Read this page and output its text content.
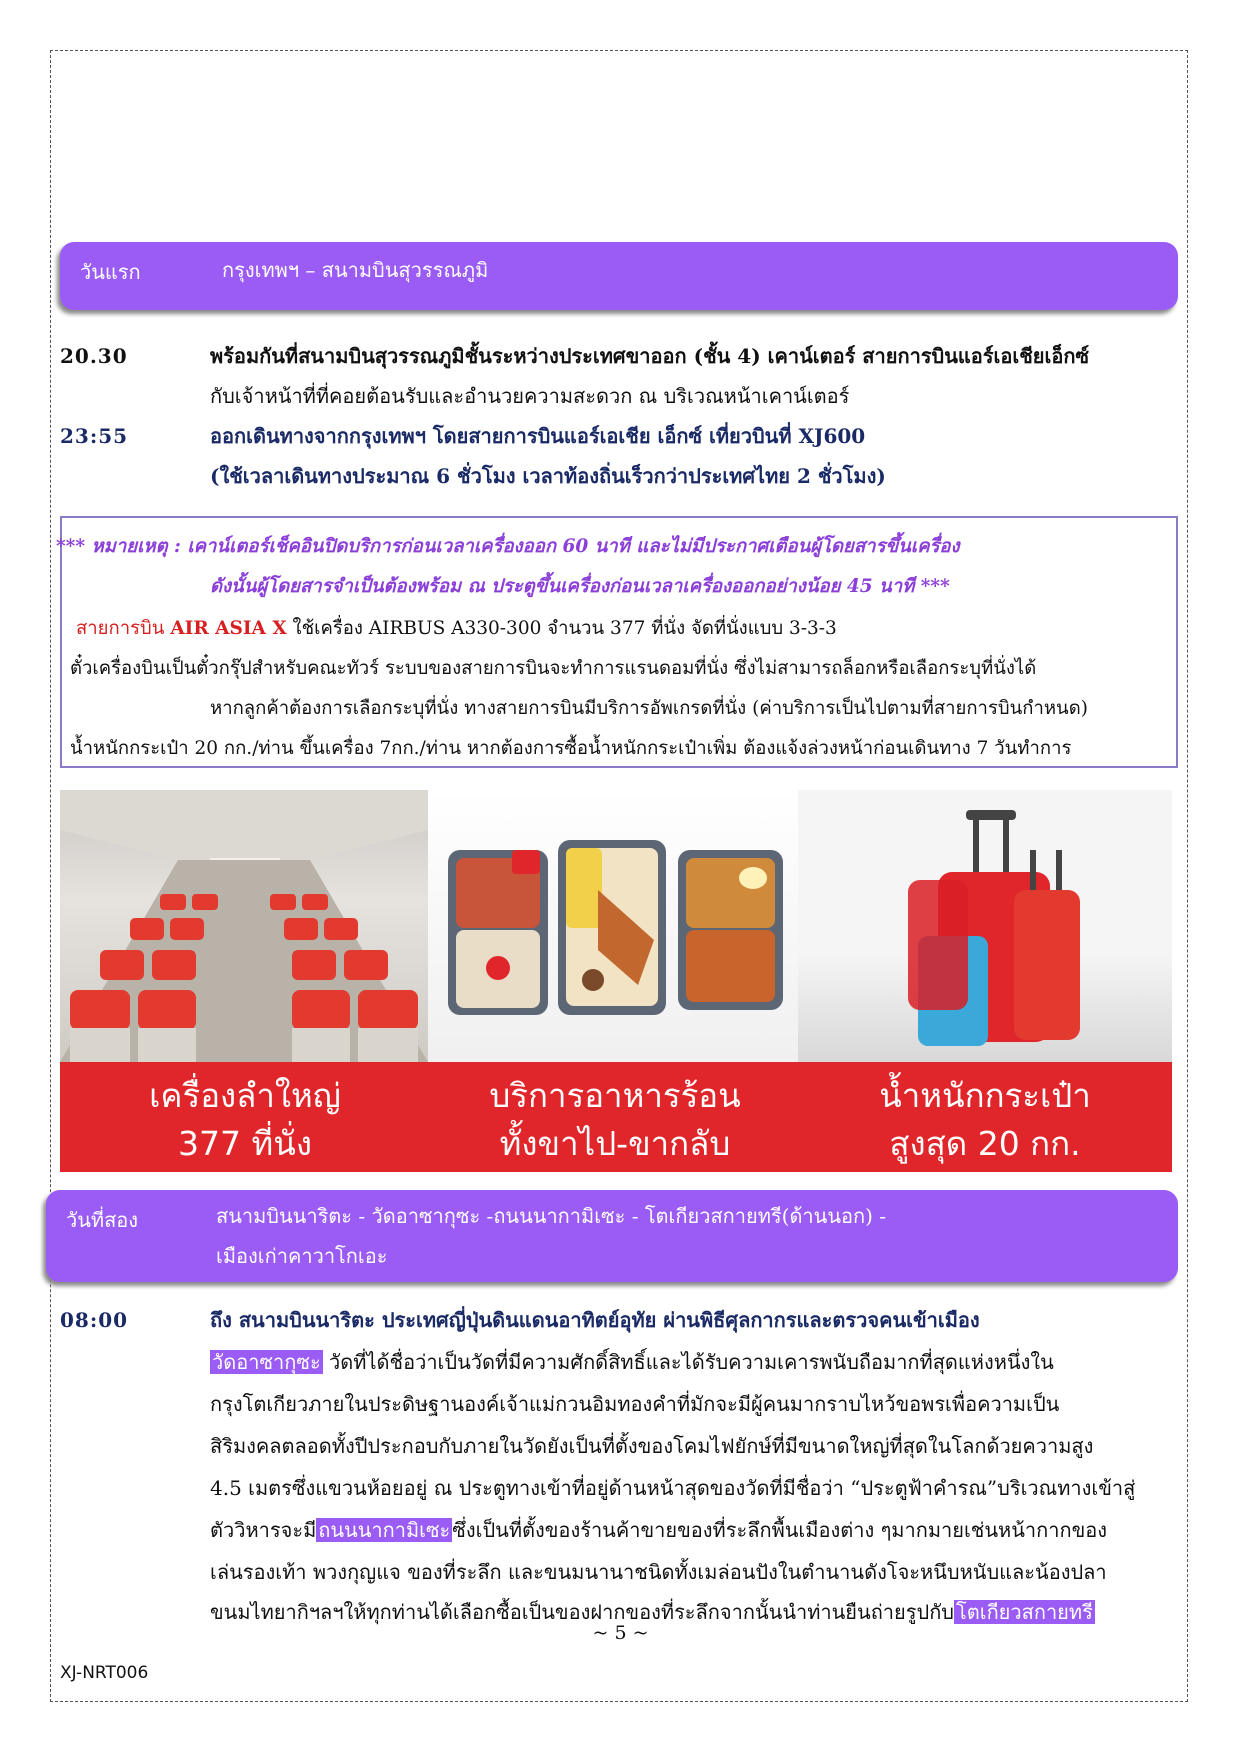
วันแรก	กรุงเทพฯ – สนามบินสุวรรณภูมิ
20.30	พร้อมกันที่สนามบินสุวรรณภูมิชั้นระหว่างประเทศขาออก (ชั้น 4) เคาน์เตอร์ สายการบินแอร์เอเชียเอ็กซ์
กับเจ้าหน้าที่ที่คอยต้อนรับและอำนวยความสะดวก ณ บริเวณหน้าเคาน์เตอร์
23:55	ออกเดินทางจากกรุงเทพฯ โดยสายการบินแอร์เอเชีย เอ็กซ์ เที่ยวบินที่ XJ600
(ใช้เวลาเดินทางประมาณ 6 ชั่วโมง เวลาท้องถิ่นเร็วกว่าประเทศไทย 2 ชั่วโมง)
*** หมายเหตุ : เคาน์เตอร์เช็คอินปิดบริการก่อนเวลาเครื่องออก 60 นาที และไม่มีประกาศเตือนผู้โดยสารขึ้นเครื่อง
ดังนั้นผู้โดยสารจำเป็นต้องพร้อม ณ ประตูขึ้นเครื่องก่อนเวลาเครื่องออกอย่างน้อย 45 นาที ***
สายการบิน AIR ASIA X ใช้เครื่อง AIRBUS A330-300 จำนวน 377 ที่นั่ง จัดที่นั่งแบบ 3-3-3
ตั๋วเครื่องบินเป็นตั๋วกรุ๊ปสำหรับคณะทัวร์ ระบบของสายการบินจะทำการแรนดอมที่นั่ง ซึ่งไม่สามารถล็อกหรือเลือกระบุที่นั่งได้
หากลูกค้าต้องการเลือกระบุที่นั่ง ทางสายการบินมีบริการอัพเกรดที่นั่ง (ค่าบริการเป็นไปตามที่สายการบินกำหนด)
น้ำหนักกระเป๋า 20 กก./ท่าน ขึ้นเครื่อง 7กก./ท่าน หากต้องการซื้อน้ำหนักกระเป๋าเพิ่ม ต้องแจ้งล่วงหน้าก่อนเดินทาง 7 วันทำการ
เครื่องลำใหญ่
377 ที่นั่ง
บริการอาหารร้อน
ทั้งขาไป-ขากลับ
น้ำหนักกระเป๋า
สูงสุด 20 กก.
วันที่สอง	สนามบินนาริตะ - วัดอาซากุซะ -ถนนนากามิเซะ - โตเกียวสกายทรี(ด้านนอก) -
เมืองเก่าคาวาโกเอะ
08:00	ถึง สนามบินนาริตะ ประเทศญี่ปุ่นดินแดนอาทิตย์อุทัย ผ่านพิธีศุลกากรและตรวจคนเข้าเมือง
วัดอาซากุซะ วัดที่ได้ชื่อว่าเป็นวัดที่มีความศักดิ์สิทธิ์และได้รับความเคารพนับถือมากที่สุดแห่งหนึ่งใน
กรุงโตเกียวภายในประดิษฐานองค์เจ้าแม่กวนอิมทองคำที่มักจะมีผู้คนมากราบไหว้ขอพรเพื่อความเป็น
สิริมงคลตลอดทั้งปีประกอบกับภายในวัดยังเป็นที่ตั้งของโคมไฟยักษ์ที่มีขนาดใหญ่ที่สุดในโลกด้วยความสูง
4.5 เมตรซึ่งแขวนห้อยอยู่ ณ ประตูทางเข้าที่อยู่ด้านหน้าสุดของวัดที่มีชื่อว่า “ประตูฟ้าคำรณ”บริเวณทางเข้าสู่
ตัววิหารจะมี ถนนนากามิเซะ ซึ่งเป็นที่ตั้งของร้านค้าขายของที่ระลึกพื้นเมืองต่าง ๆมากมายเช่นหน้ากากของ
เล่นรองเท้า พวงกุญแจ ของที่ระลึก และขนมนานาชนิดทั้งเมล่อนปังในตำนานดังโจะหนึบหนับและน้องปลา
ขนมไทยากิฯลฯให้ทุกท่านได้เลือกซื้อเป็นของฝากของที่ระลึกจากนั้นนำท่านยืนถ่ายรูปกับ โตเกียวสกายทรี
~ 5 ~
XJ-NRT006
